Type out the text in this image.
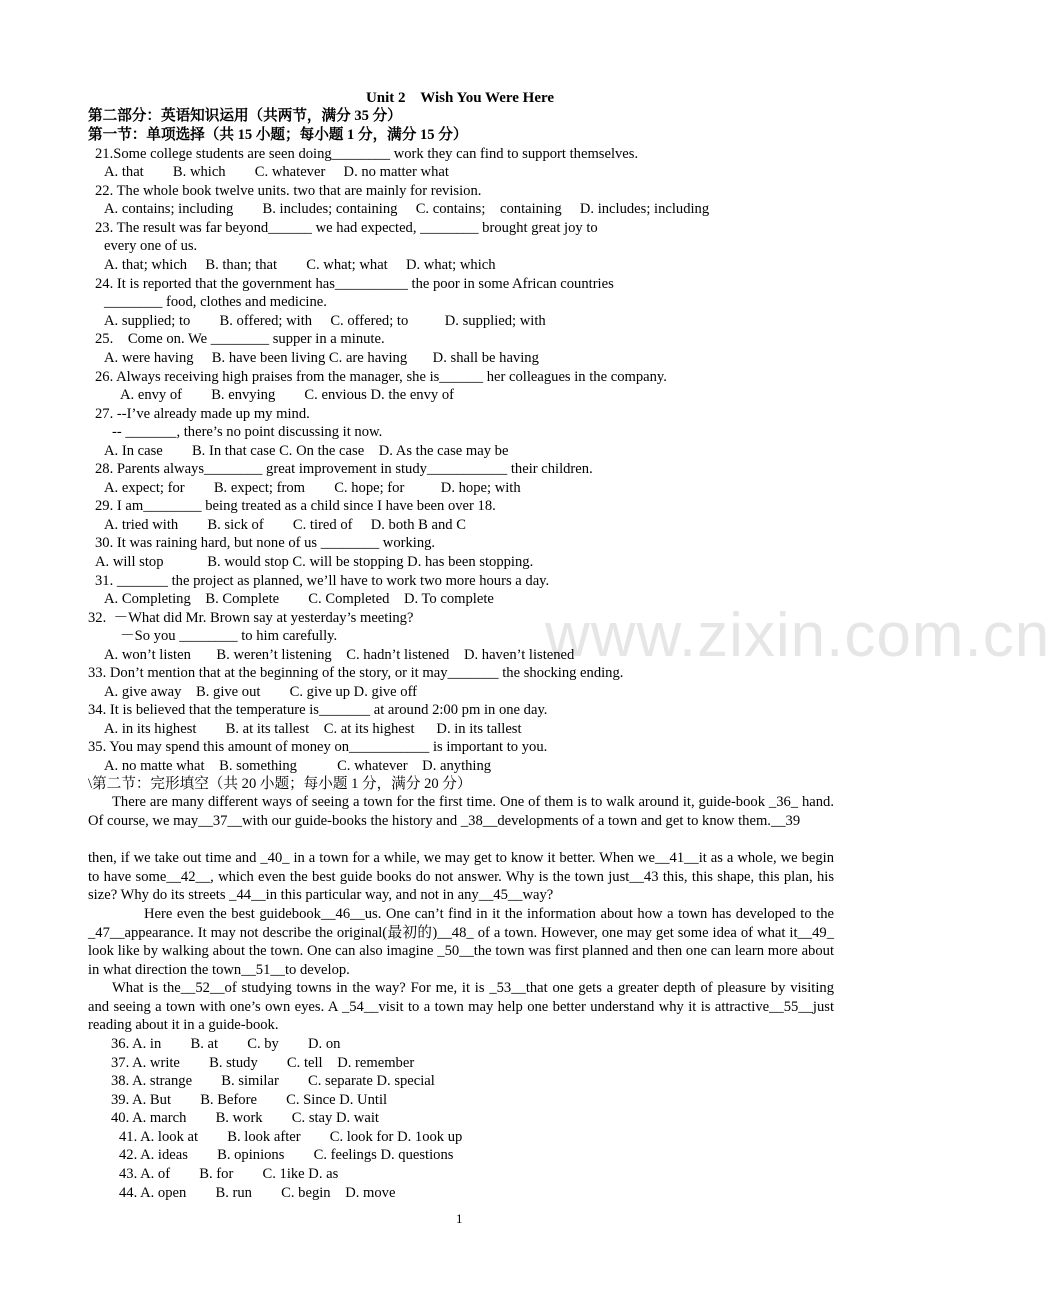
www.zixin.com.cn
Unit 2    Wish You Were Here
第二部分：英语知识运用（共两节，满分 35 分）
第一节：单项选择（共 15 小题；每小题 1 分，满分 15 分）
21.Some college students are seen doing________ work they can find to support themselves.
A. that        B. which        C. whatever     D. no matter what
22. The whole book twelve units. two that are mainly for revision.
A. contains; including        B. includes; containing     C. contains;    containing     D. includes; including
23. The result was far beyond______ we had expected, ________ brought great joy to
every one of us.
A. that; which     B. than; that        C. what; what     D. what; which
24. It is reported that the government has__________ the poor in some African countries
________ food, clothes and medicine.
A. supplied; to        B. offered; with     C. offered; to          D. supplied; with
25.    Come on. We ________ supper in a minute.
A. were having     B. have been living C. are having       D. shall be having
26. Always receiving high praises from the manager, she is______ her colleagues in the company.
A. envy of        B. envying        C. envious D. the envy of
27. --I’ve already made up my mind.
-- _______, there’s no point discussing it now.
A. In case        B. In that case C. On the case    D. As the case may be
28. Parents always________ great improvement in study___________ their children.
A. expect; for        B. expect; from        C. hope; for          D. hope; with
29. I am________ being treated as a child since I have been over 18.
A. tried with        B. sick of        C. tired of     D. both B and C
30. It was raining hard, but none of us ________ working.
A. will stop            B. would stop C. will be stopping D. has been stopping.
31. _______ the project as planned, we’ll have to work two more hours a day.
A. Completing    B. Complete        C. Completed    D. To complete
32.  －What did Mr. Brown say at yesterday’s meeting?
－So you ________ to him carefully.
A. won’t listen       B. weren’t listening    C. hadn’t listened    D. haven’t listened
33. Don’t mention that at the beginning of the story, or it may_______ the shocking ending.
A. give away    B. give out        C. give up D. give off
34. It is believed that the temperature is_______ at around 2:00 pm in one day.
A. in its highest        B. at its tallest    C. at its highest      D. in its tallest
35. You may spend this amount of money on___________ is important to you.
A. no matte what    B. something           C. whatever    D. anything
\第二节：完形填空（共 20 小题；每小题 1 分，满分 20 分）
There are many different ways of seeing a town for the first time. One of them is to walk around it, guide-book _36_ hand. Of course, we may__37__with our guide-books the history and _38__developments of a town and get to know them.__39
then, if we take out time and _40_ in a town for a while, we may get to know it better. When we__41__it as a whole, we begin to have some__42__, which even the best guide books do not answer. Why is the town just__43 this, this shape, this plan, his size? Why do its streets _44__in this particular way, and not in any__45__way?
Here even the best guidebook__46__us. One can’t find in it the information about how a town has developed to the _47__appearance. It may not describe the original(最初的)__48_ of a town. However, one may get some idea of what it__49_ look like by walking about the town. One can also imagine _50__the town was first planned and then one can learn more about in what direction the town__51__to develop.
What is the__52__of studying towns in the way? For me, it is _53__that one gets a greater depth of pleasure by visiting and seeing a town with one’s own eyes. A _54__visit to a town may help one better understand why it is attractive__55__just reading about it in a guide-book.
36. A. in        B. at        C. by        D. on
37. A. write        B. study        C. tell    D. remember
38. A. strange        B. similar        C. separate D. special
39. A. But        B. Before        C. Since D. Until
40. A. march        B. work        C. stay D. wait
41. A. look at        B. look after        C. look for D. 1ook up
42. A. ideas        B. opinions        C. feelings D. questions
43. A. of        B. for        C. 1ike D. as
44. A. open        B. run        C. begin    D. move
1
